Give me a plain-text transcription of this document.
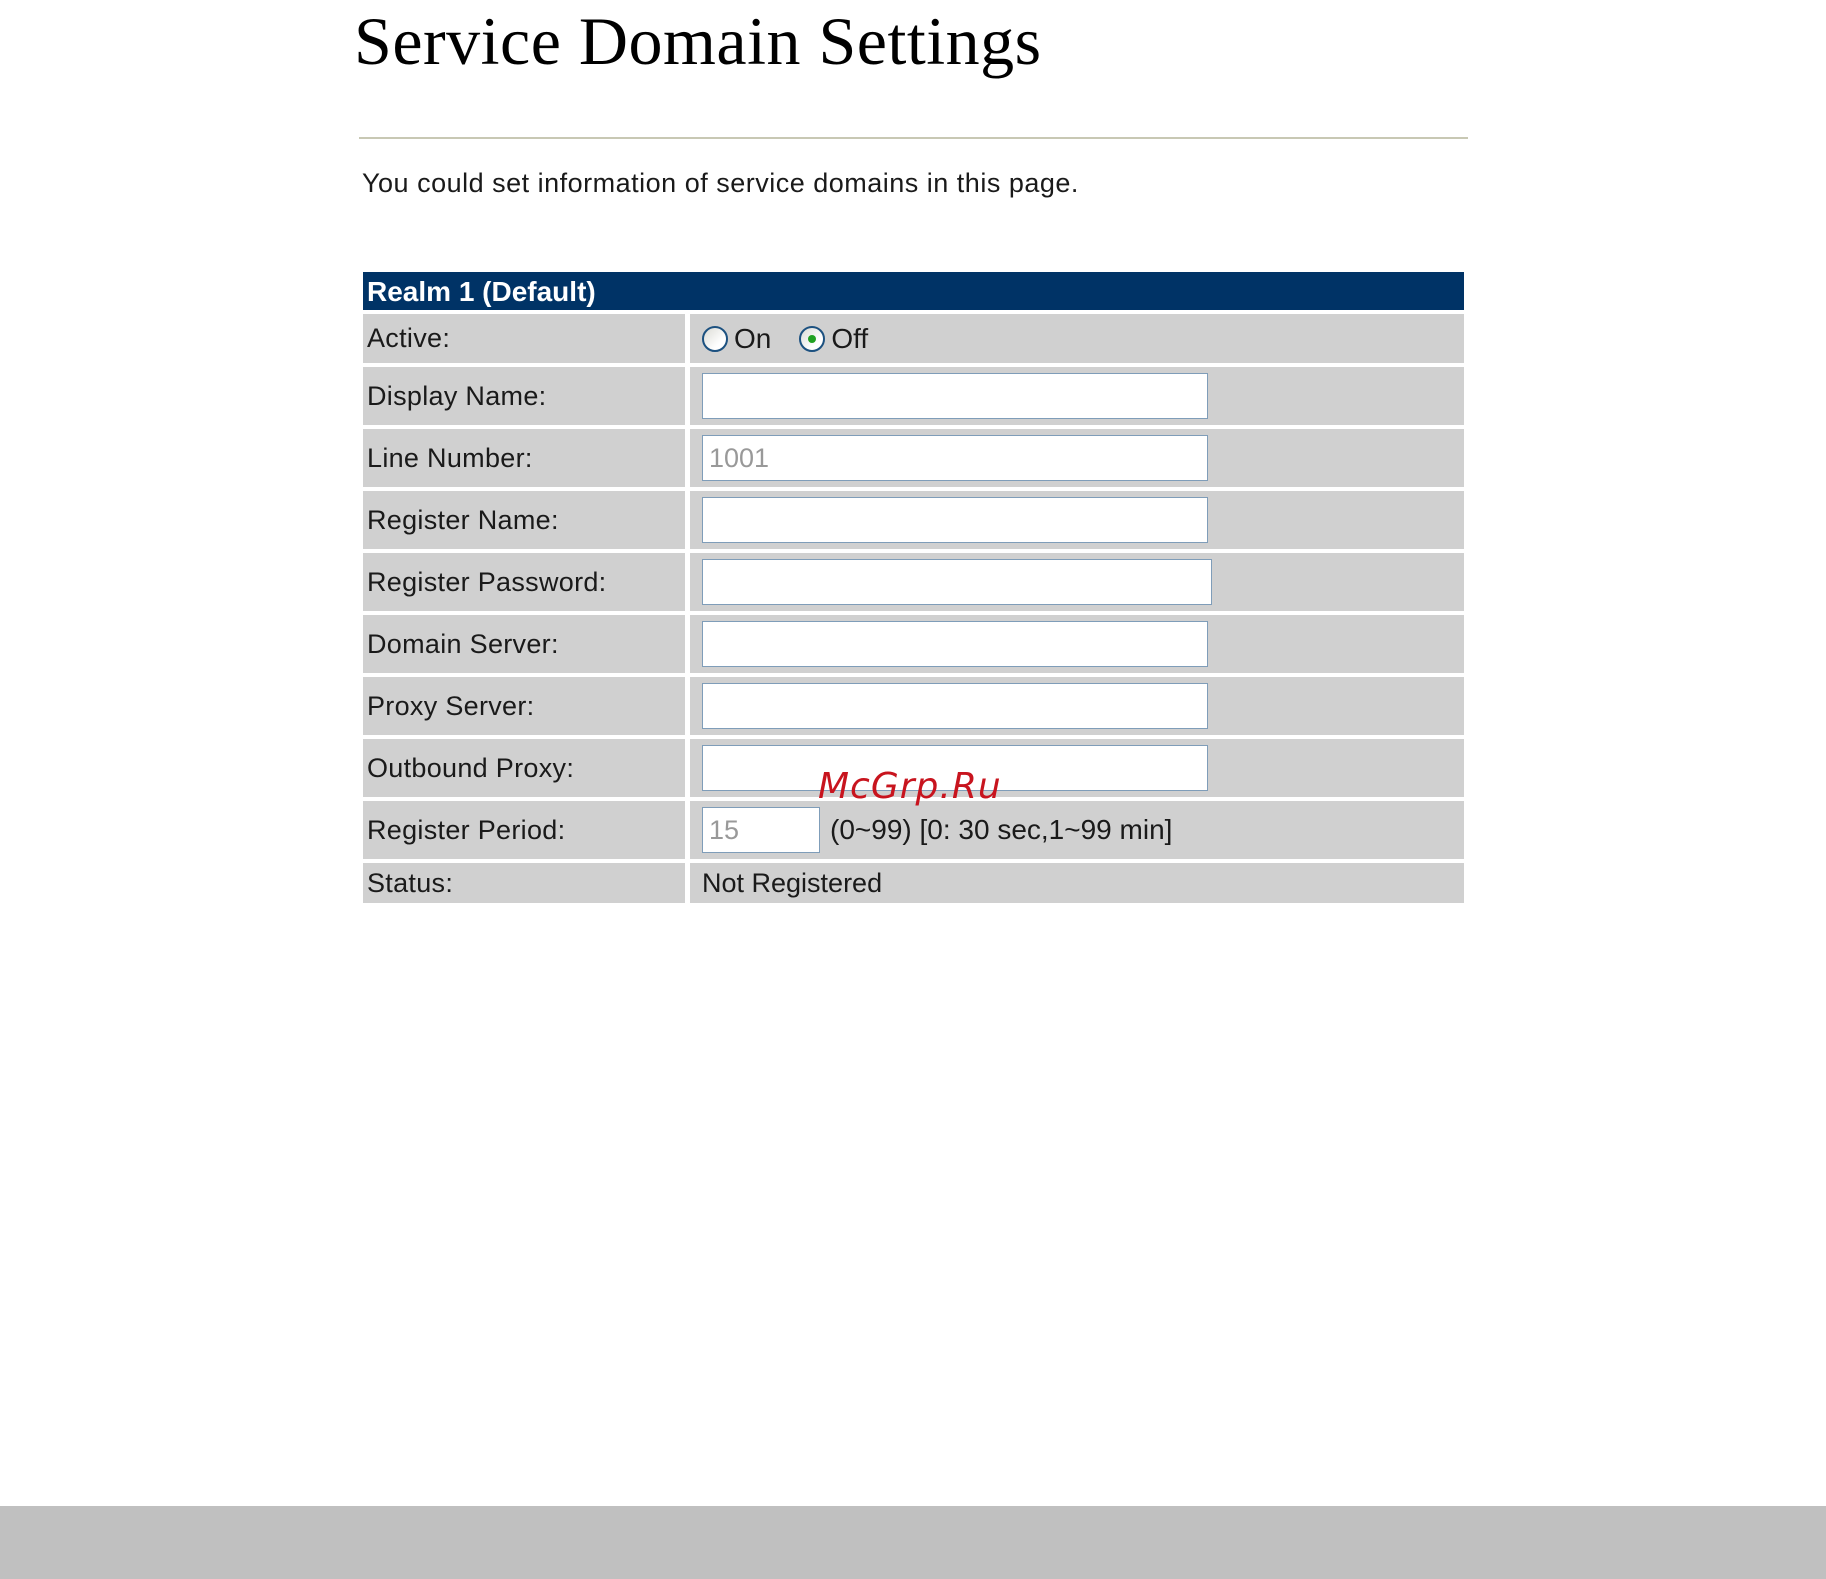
Service Domain Settings
You could set information of service domains in this page.
Realm 1 (Default)
Active:	On Off
Display Name:
Line Number:
1001
Register Name:
Register Password:
Domain Server:
Proxy Server:
Outbound Proxy:
Register Period:
15	(0~99) [0: 30 sec,1~99 min]
Status:	Not Registered
McGrp.Ru
